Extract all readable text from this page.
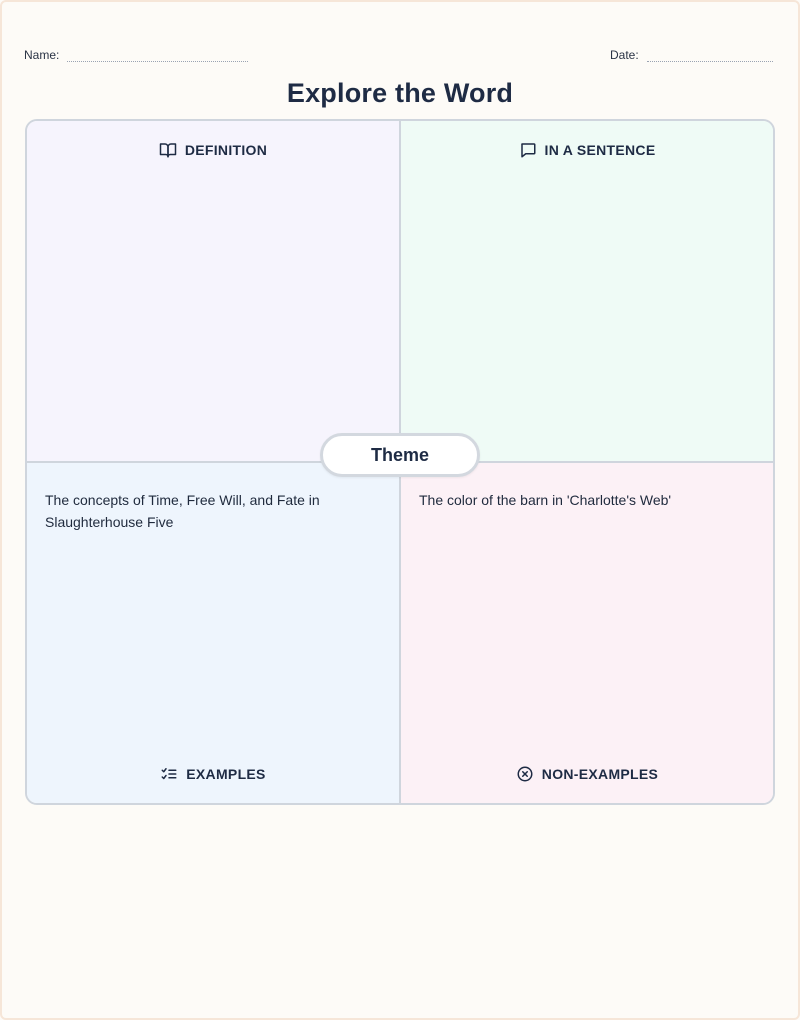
Name:	Date:
Explore the Word
DEFINITION	IN A SENTENCE
The concepts of Time, Free Will, and Fate in Slaughterhouse Five
EXAMPLES
The color of the barn in 'Charlotte's Web'
NON-EXAMPLES
Theme
